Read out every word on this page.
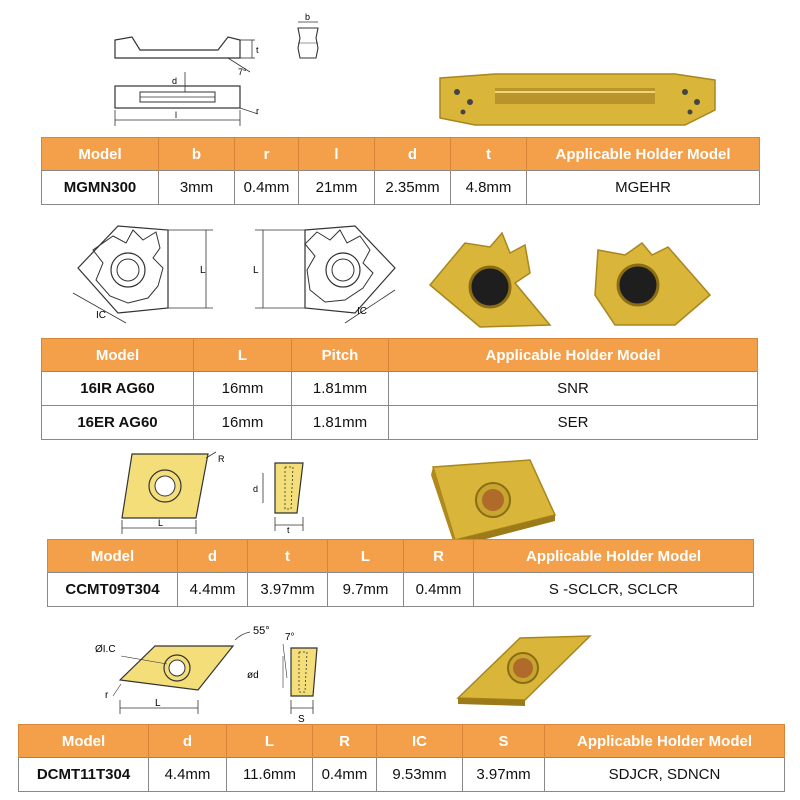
t
7°
d
r
l
b
Model	b	r	l	d	t	Applicable Holder Model
MGMN300	3mm	0.4mm	21mm	2.35mm	4.8mm	MGEHR
L
IC
L
IC
Model	L	Pitch	Applicable Holder Model
16IR AG60	16mm	1.81mm	SNR
16ER AG60	16mm	1.81mm	SER
R
L
d
t
Model	d	t	L	R	Applicable Holder Model
CCMT09T304	4.4mm	3.97mm	9.7mm	0.4mm	S -SCLCR, SCLCR
ØI.C
r
L
55°
7°
ød
S
Model	d	L	R	IC	S	Applicable Holder Model
DCMT11T304	4.4mm	11.6mm	0.4mm	9.53mm	3.97mm	SDJCR, SDNCN
